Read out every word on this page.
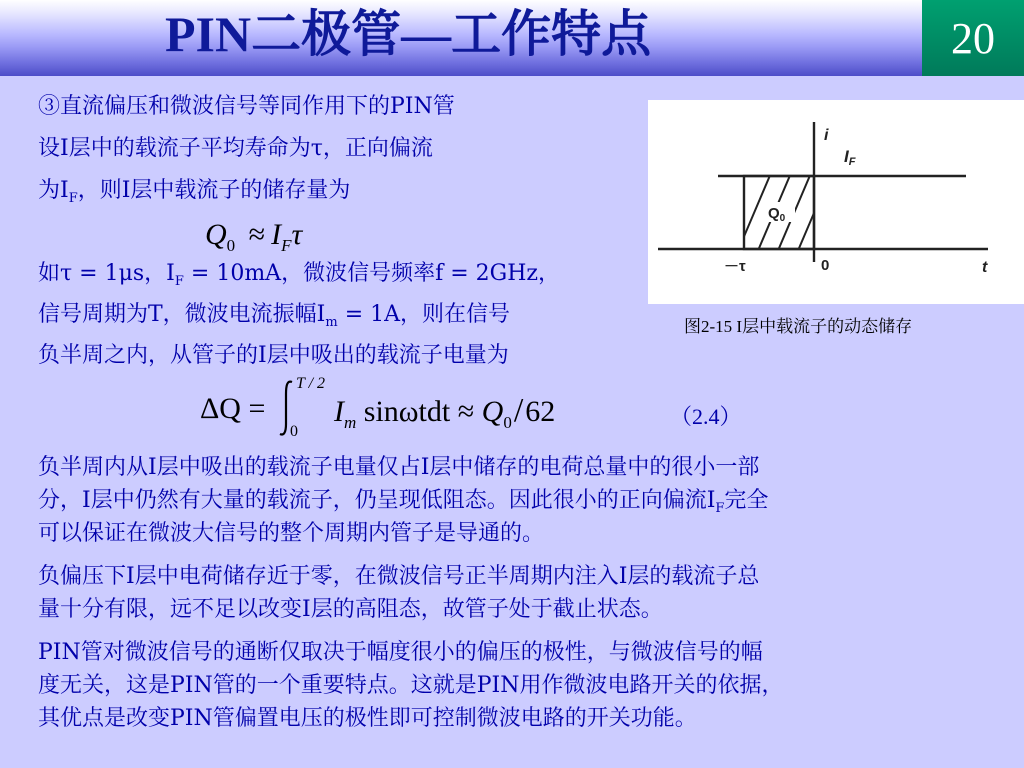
PIN二极管—工作特点	20
③直流偏压和微波信号等同作用下的PIN管
设I层中的载流子平均寿命为τ，正向偏流
为$I_F$，则I层中载流子的储存量为
$Q_0 \approx I_F\tau$
如τ = 1μs，$I_F = 10mA$，微波信号频率f = 2GHz，
信号周期为T，微波电流振幅$I_m = 1A$，则在信号
负半周之内，从管子的I层中吸出的载流子电量为
ΔQ =
T / 2
0
$I_m$ $\sin\omega tdt \approx Q_0/62$	（2.4）
$Q_0$
i
IF
－τ	0	t
图2-15 I层中载流子的动态储存
负半周内从I层中吸出的载流子电量仅占I层中储存的电荷总量中的很小一部
分，I层中仍然有大量的载流子，仍呈现低阻态。因此很小的正向偏流$I_F$完全
可以保证在微波大信号的整个周期内管子是导通的。
负偏压下I层中电荷储存近于零，在微波信号正半周期内注入I层的载流子总
量十分有限，远不足以改变I层的高阻态，故管子处于截止状态。
PIN管对微波信号的通断仅取决于幅度很小的偏压的极性，与微波信号的幅
度无关，这是PIN管的一个重要特点。这就是PIN用作微波电路开关的依据，
其优点是改变PIN管偏置电压的极性即可控制微波电路的开关功能。
